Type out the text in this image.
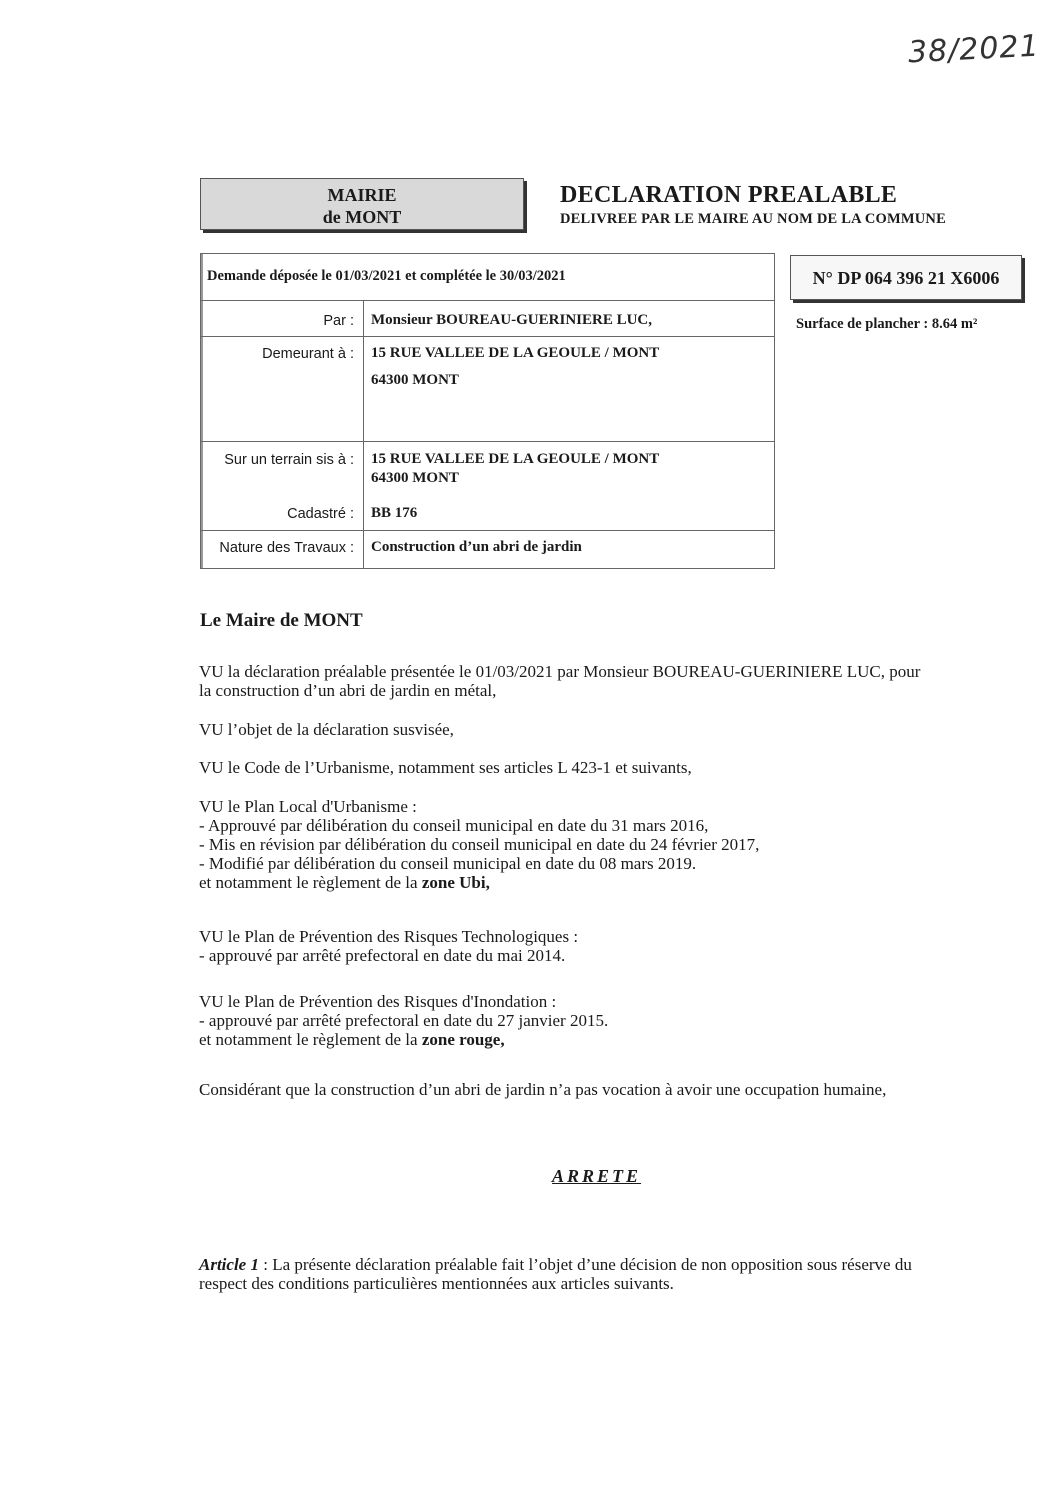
38/2021
MAIRIE
de MONT
DECLARATION PREALABLE
DELIVREE PAR LE MAIRE AU NOM DE LA COMMUNE
Demande déposée le 01/03/2021 et complétée le 30/03/2021
Par : Monsieur BOUREAU-GUERINIERE LUC,
Demeurant à : 15 RUE VALLEE DE LA GEOULE / MONT
64300 MONT
Sur un terrain sis à : 15 RUE VALLEE DE LA GEOULE / MONT
64300 MONT
Cadastré : BB 176
Nature des Travaux : Construction d’un abri de jardin
N° DP 064 396 21 X6006
Surface de plancher : 8.64 m²
Le Maire de MONT
VU la déclaration préalable présentée le 01/03/2021 par Monsieur BOUREAU-GUERINIERE LUC, pour
la construction d’un abri de jardin en métal,
VU l’objet de la déclaration susvisée,
VU le Code de l’Urbanisme, notamment ses articles L 423-1 et suivants,
VU le Plan Local d'Urbanisme :
- Approuvé par délibération du conseil municipal en date du 31 mars 2016,
- Mis en révision par délibération du conseil municipal en date du 24 février 2017,
- Modifié par délibération du conseil municipal en date du 08 mars 2019.
et notamment le règlement de la zone Ubi,
VU le Plan de Prévention des Risques Technologiques :
- approuvé par arrêté prefectoral en date du mai 2014.
VU le Plan de Prévention des Risques d'Inondation :
- approuvé par arrêté prefectoral en date du 27 janvier 2015.
et notamment le règlement de la zone rouge,
Considérant que la construction d’un abri de jardin n’a pas vocation à avoir une occupation humaine,
ARRETE
Article 1 : La présente déclaration préalable fait l’objet d’une décision de non opposition sous réserve du
respect des conditions particulières mentionnées aux articles suivants.
